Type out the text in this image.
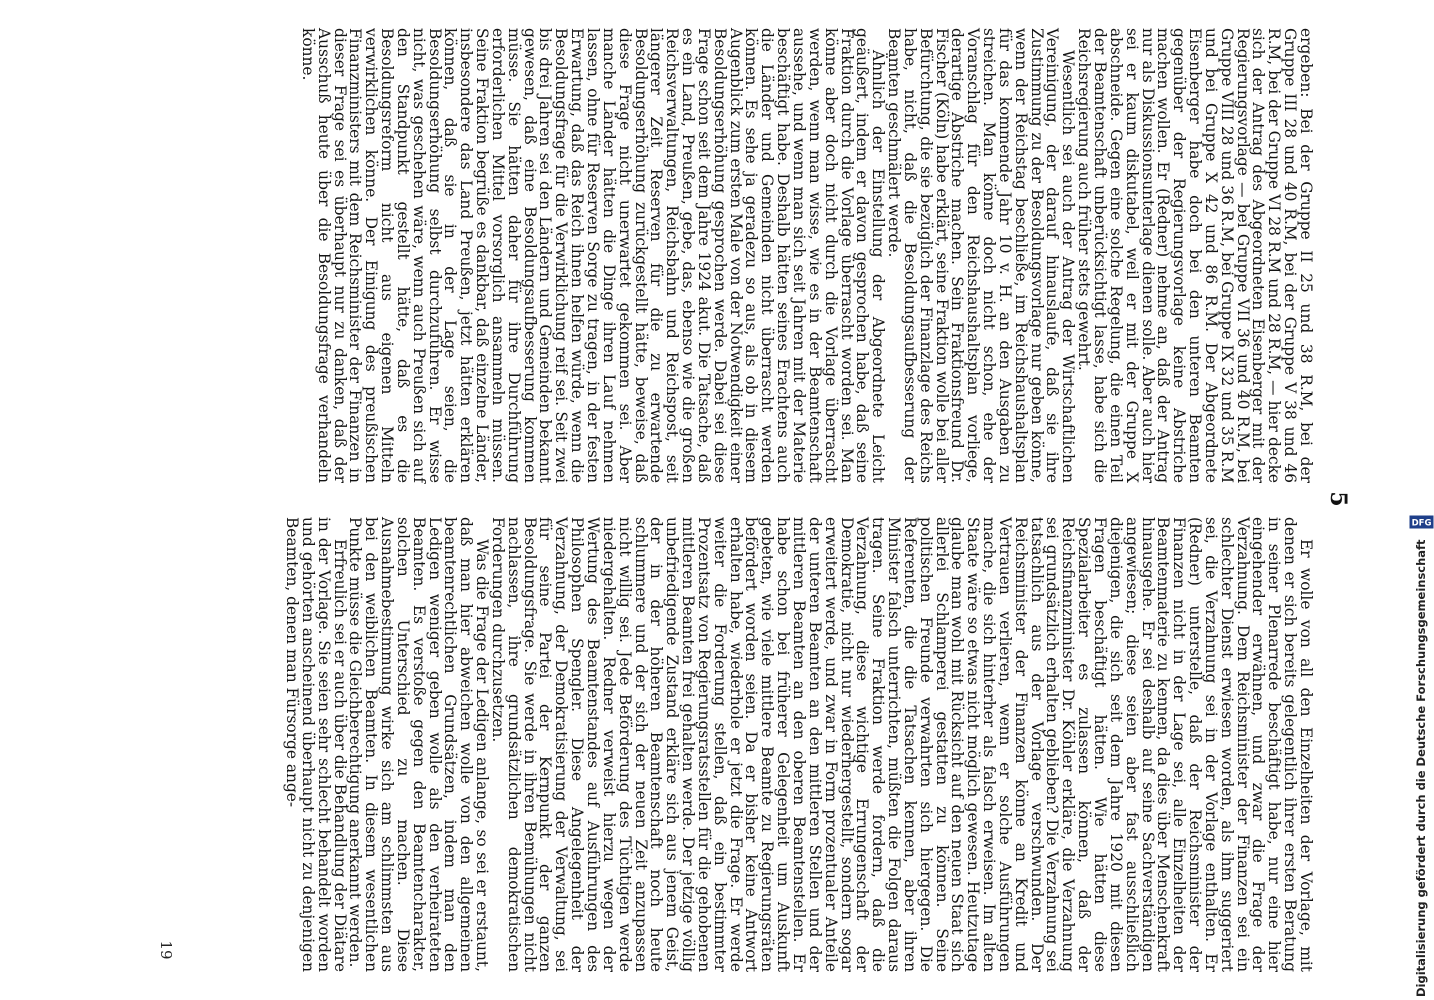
5

ergeben: Bei der Gruppe II 25 und 38 R.M, bei der Gruppe III 28 und 40 R.M, bei der Gruppe V 38 und 46 R.M, bei der Gruppe VI 28 R.M und 28 R.M, — hier decke sich der Antrag des Abgeordneten Eisenberger mit der Regierungsvorlage — bei Gruppe VII 36 und 40 R.M, bei Gruppe VIII 28 und 36 R.M, bei Gruppe IX 32 und 35 R.M und bei Gruppe X 42 und 86 R.M. Der Abgeordnete Eisenberger habe doch bei den unteren Beamten gegenüber der Regierungsvorlage keine Abstriche machen wollen. Er (Redner) nehme an, daß der Antrag nur als Diskussionsunterlage dienen solle. Aber auch hier sei er kaum diskutabel, weil er mit der Gruppe X abschneide. Gegen eine solche Regelung, die einen Teil der Beamtenschaft unberücksichtigt lasse, habe sich die Reichsregierung auch früher stets gewehrt.

Wesentlich sei auch der Antrag der Wirtschaftlichen Vereinigung, der darauf hinauslaufe, daß sie ihre Zustimmung zu der Besoldungsvorlage nur geben könne, wenn der Reichstag beschließe, im Reichshaushaltsplan für das kommende Jahr 10 v. H. an den Ausgaben zu streichen. Man könne doch nicht schon, ehe der Voranschlag für den Reichshaushaltsplan vorliege, derartige Abstriche machen. Sein Fraktionsfreund Dr. Fischer (Köln) habe erklärt, seine Fraktion wolle bei aller Befürchtung, die sie bezüglich der Finanzlage des Reichs habe, nicht, daß die Besoldungsaufbesserung der Beamten geschmälert werde.

Ähnlich der Einstellung der Abgeordnete Leicht geäußert, indem er davon gesprochen habe, daß seine Fraktion durch die Vorlage überrascht worden sei. Man könne aber doch nicht durch die Vorlage überrascht werden, wenn man wisse, wie es in der Beamtenschaft aussehe, und wenn man sich seit Jahren mit der Materie beschäftigt habe. Deshalb hätten seines Erachtens auch die Länder und Gemeinden nicht überrascht werden können. Es sehe ja geradezu so aus, als ob in diesem Augenblick zum ersten Male von der Notwendigkeit einer Besoldungserhöhung gesprochen werde. Dabei sei diese Frage schon seit dem Jahre 1924 akut. Die Tatsache, daß es ein Land, Preußen, gebe, das, ebenso wie die großen Reichsverwaltungen, Reichsbahn und Reichspost, seit längerer Zeit Reserven für die zu erwartende Besoldungserhöhung zurückgestellt hätte, beweise, daß diese Frage nicht unerwartet gekommen sei. Aber manche Länder hätten die Dinge ihren Lauf nehmen lassen, ohne für Reserven Sorge zu tragen, in der festen Erwartung, daß das Reich ihnen helfen würde, wenn die Besoldungsfrage für die Verwirklichung reif sei. Seit zwei bis drei Jahren sei den Ländern und Gemeinden bekannt gewesen, daß eine Besoldungsaufbesserung kommen müsse. Sie hätten daher für ihre Durchführung erforderlichen Mittel vorsorglich ansammeln müssen. Seine Fraktion begrüße es dankbar, daß einzelne Länder, insbesondere das Land Preußen, jetzt hätten erklären können, daß sie in der Lage seien, die Besoldungserhöhung selbst durchzuführen. Er wisse nicht, was geschehen wäre, wenn auch Preußen sich auf den Standpunkt gestellt hätte, daß es die Besoldungsreform nicht aus eigenen Mitteln verwirklichen könne. Der Einigung des preußischen Finanzministers mit dem Reichsminister der Finanzen in dieser Frage sei es überhaupt nur zu danken, daß der Ausschuß heute über die Besoldungsfrage verhandeln könne.

Er wolle von all den Einzelheiten der Vorlage, mit denen er sich bereits gelegentlich ihrer ersten Beratung in seiner Plenarrede beschäftigt habe, nur eine hier eingehender erwähnen, und zwar die Frage der Verzahnung. Dem Reichsminister der Finanzen sei ein schlechter Dienst erwiesen worden, als ihm suggeriert sei, die Verzahnung sei in der Vorlage enthalten. Er (Redner) unterstelle, daß der Reichsminister der Finanzen nicht in der Lage sei, alle Einzelheiten der Beamtenmaterie zu kennen, da dies über Menschenkraft hinausgehe. Er sei deshalb auf seine Sachverständigen angewiesen; diese seien aber fast ausschließlich diejenigen, die sich seit dem Jahre 1920 mit diesen Fragen beschäftigt hätten. Wie hätten diese Spezialarbeiter es zulassen können, daß der Reichsfinanzminister Dr. Köhler erkläre, die Verzahnung sei grundsätzlich erhalten geblieben? Die Verzahnung sei tatsächlich aus der Vorlage verschwunden. Der Reichsminister der Finanzen könne an Kredit und Vertrauen verlieren, wenn er solche Ausführungen mache, die sich hinterher als falsch erweisen. Im alten Staate wäre so etwas nicht möglich gewesen. Heutzutage glaube man wohl mit Rücksicht auf den neuen Staat sich allerlei Schlamperei gestatten zu können. Seine politischen Freunde verwahrten sich hiergegen. Die Referenten, die die Tatsachen kennen, aber ihren Minister falsch unterrichten, müßten die Folgen daraus tragen. Seine Fraktion werde fordern, daß die Verzahnung, diese wichtige Errungenschaft der Demokratie, nicht nur wiederhergestellt, sondern sogar erweitert werde, und zwar in Form prozentualer Anteile der unteren Beamten an den mittleren Stellen und der mittleren Beamten an den oberen Beamtenstellen. Er habe schon bei früherer Gelegenheit um Auskunft gebeten, wie viele mittlere Beamte zu Regierungsräten befördert worden seien. Da er bisher keine Antwort erhalten habe, wiederhole er jetzt die Frage. Er werde weiter die Forderung stellen, daß ein bestimmter Prozentsatz von Regierungsratsstellen für die gehobenen mittleren Beamten frei gehalten werde. Der jetzige völlig unbefriedigende Zustand erkläre sich aus jenem Geist, der in der höheren Beamtenschaft noch heute schlummere und der sich der neuen Zeit anzupassen nicht willig sei. Jede Beförderung des Tüchtigen werde niedergehalten. Redner verweist hierzu wegen der Wertung des Beamtenstandes auf Ausführungen des Philosophen Spengler. Diese Angelegenheit der Verzahnung, der Demokratisierung der Verwaltung, sei für seine Partei der Kernpunkt der ganzen Besoldungsfrage. Sie werde in ihren Bemühungen nicht nachlassen, ihre grundsätzlichen demokratischen Forderungen durchzusetzen.

Was die Frage der Ledigen anlange, so sei er erstaunt, daß man hier abweichen wolle von den allgemeinen beamtenrechtlichen Grundsätzen, indem man den Ledigen weniger geben wolle als den verheirateten Beamten. Es verstoße gegen den Beamtencharakter, solchen Unterschied zu machen. Diese Ausnahmebestimmung wirke sich am schlimmsten aus bei den weiblichen Beamten. In diesem wesentlichen Punkte müsse die Gleichberechtigung anerkannt werden.

Erfreulich sei er auch über die Behandlung der Diätare in der Vorlage. Sie seien sehr schlecht behandelt worden und gehörten anscheinend überhaupt nicht zu denjenigen Beamten, denen man Fürsorge ange-

19	Digitalisierung gefördert durch die Deutsche Forschungsgemeinschaft
DFG
